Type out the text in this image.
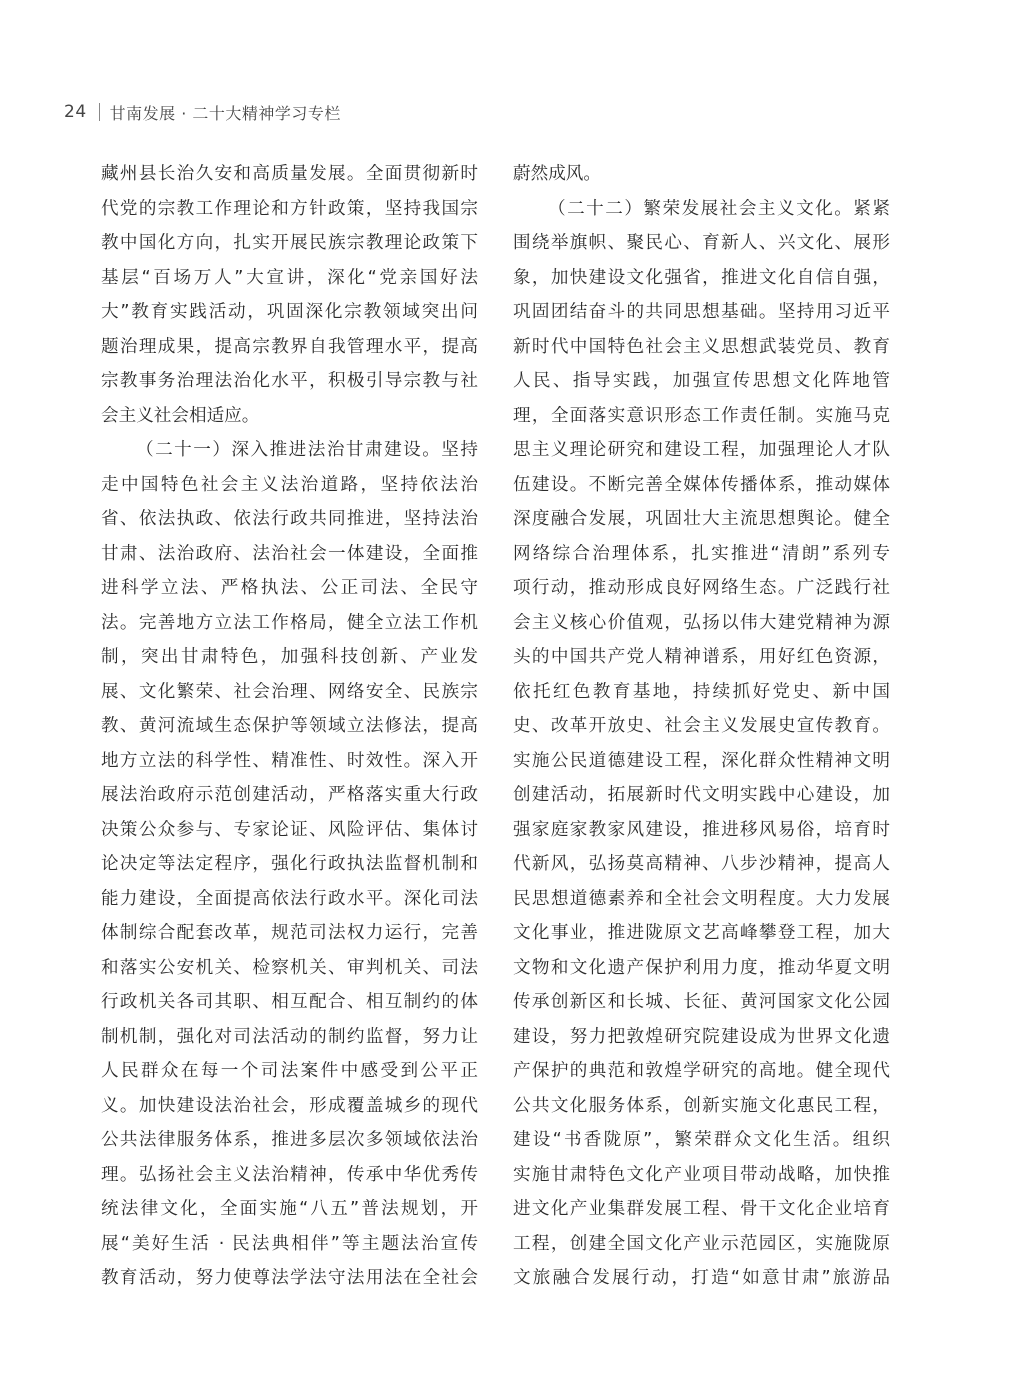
24 甘南发展 · 二十大精神学习专栏
藏州县长治久安和高质量发展。全面贯彻新时
代党的宗教工作理论和方针政策，坚持我国宗
教中国化方向，扎实开展民族宗教理论政策下
基层“百场万人”大宣讲，深化“党亲国好法
大”教育实践活动，巩固深化宗教领域突出问
题治理成果，提高宗教界自我管理水平，提高
宗教事务治理法治化水平，积极引导宗教与社
会主义社会相适应。
（二十一）深入推进法治甘肃建设。坚持
走中国特色社会主义法治道路，坚持依法治
省、依法执政、依法行政共同推进，坚持法治
甘肃、法治政府、法治社会一体建设，全面推
进科学立法、严格执法、公正司法、全民守
法。完善地方立法工作格局，健全立法工作机
制，突出甘肃特色，加强科技创新、产业发
展、文化繁荣、社会治理、网络安全、民族宗
教、黄河流域生态保护等领域立法修法，提高
地方立法的科学性、精准性、时效性。深入开
展法治政府示范创建活动，严格落实重大行政
决策公众参与、专家论证、风险评估、集体讨
论决定等法定程序，强化行政执法监督机制和
能力建设，全面提高依法行政水平。深化司法
体制综合配套改革，规范司法权力运行，完善
和落实公安机关、检察机关、审判机关、司法
行政机关各司其职、相互配合、相互制约的体
制机制，强化对司法活动的制约监督，努力让
人民群众在每一个司法案件中感受到公平正
义。加快建设法治社会，形成覆盖城乡的现代
公共法律服务体系，推进多层次多领域依法治
理。弘扬社会主义法治精神，传承中华优秀传
统法律文化，全面实施“八五”普法规划，开
展“美好生活 · 民法典相伴”等主题法治宣传
教育活动，努力使尊法学法守法用法在全社会
蔚然成风。
（二十二）繁荣发展社会主义文化。紧紧
围绕举旗帜、聚民心、育新人、兴文化、展形
象，加快建设文化强省，推进文化自信自强，
巩固团结奋斗的共同思想基础。坚持用习近平
新时代中国特色社会主义思想武装党员、教育
人民、指导实践，加强宣传思想文化阵地管
理，全面落实意识形态工作责任制。实施马克
思主义理论研究和建设工程，加强理论人才队
伍建设。不断完善全媒体传播体系，推动媒体
深度融合发展，巩固壮大主流思想舆论。健全
网络综合治理体系，扎实推进“清朗”系列专
项行动，推动形成良好网络生态。广泛践行社
会主义核心价值观，弘扬以伟大建党精神为源
头的中国共产党人精神谱系，用好红色资源，
依托红色教育基地，持续抓好党史、新中国
史、改革开放史、社会主义发展史宣传教育。
实施公民道德建设工程，深化群众性精神文明
创建活动，拓展新时代文明实践中心建设，加
强家庭家教家风建设，推进移风易俗，培育时
代新风，弘扬莫高精神、八步沙精神，提高人
民思想道德素养和全社会文明程度。大力发展
文化事业，推进陇原文艺高峰攀登工程，加大
文物和文化遗产保护利用力度，推动华夏文明
传承创新区和长城、长征、黄河国家文化公园
建设，努力把敦煌研究院建设成为世界文化遗
产保护的典范和敦煌学研究的高地。健全现代
公共文化服务体系，创新实施文化惠民工程，
建设“书香陇原”，繁荣群众文化生活。组织
实施甘肃特色文化产业项目带动战略，加快推
进文化产业集群发展工程、骨干文化企业培育
工程，创建全国文化产业示范园区，实施陇原
文旅融合发展行动，打造“如意甘肃”旅游品
